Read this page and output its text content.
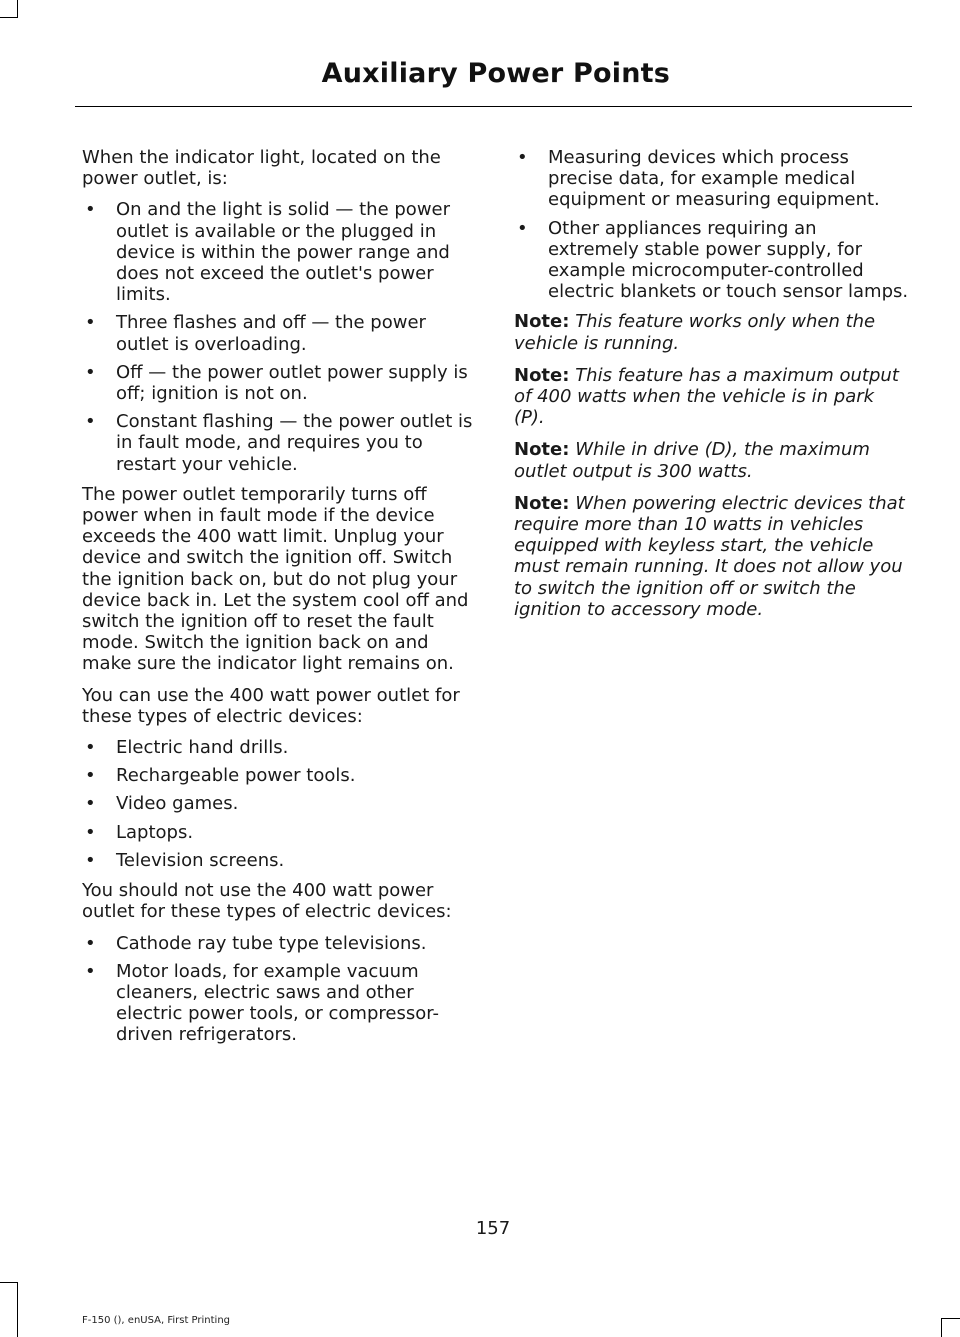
Auxiliary Power Points

When the indicator light, located on the power outlet, is:

• On and the light is solid — the power outlet is available or the plugged in device is within the power range and does not exceed the outlet's power limits.
• Three flashes and off — the power outlet is overloading.
• Off — the power outlet power supply is off; ignition is not on.
• Constant flashing — the power outlet is in fault mode, and requires you to restart your vehicle.

The power outlet temporarily turns off power when in fault mode if the device exceeds the 400 watt limit. Unplug your device and switch the ignition off. Switch the ignition back on, but do not plug your device back in. Let the system cool off and switch the ignition off to reset the fault mode. Switch the ignition back on and make sure the indicator light remains on.

You can use the 400 watt power outlet for these types of electric devices:

• Electric hand drills.
• Rechargeable power tools.
• Video games.
• Laptops.
• Television screens.

You should not use the 400 watt power outlet for these types of electric devices:

• Cathode ray tube type televisions.
• Motor loads, for example vacuum cleaners, electric saws and other electric power tools, or compressor-driven refrigerators.
• Measuring devices which process precise data, for example medical equipment or measuring equipment.
• Other appliances requiring an extremely stable power supply, for example microcomputer-controlled electric blankets or touch sensor lamps.

Note: This feature works only when the vehicle is running.

Note: This feature has a maximum output of 400 watts when the vehicle is in park (P).

Note: While in drive (D), the maximum outlet output is 300 watts.

Note: When powering electric devices that require more than 10 watts in vehicles equipped with keyless start, the vehicle must remain running. It does not allow you to switch the ignition off or switch the ignition to accessory mode.

157
F-150 (), enUSA, First Printing
